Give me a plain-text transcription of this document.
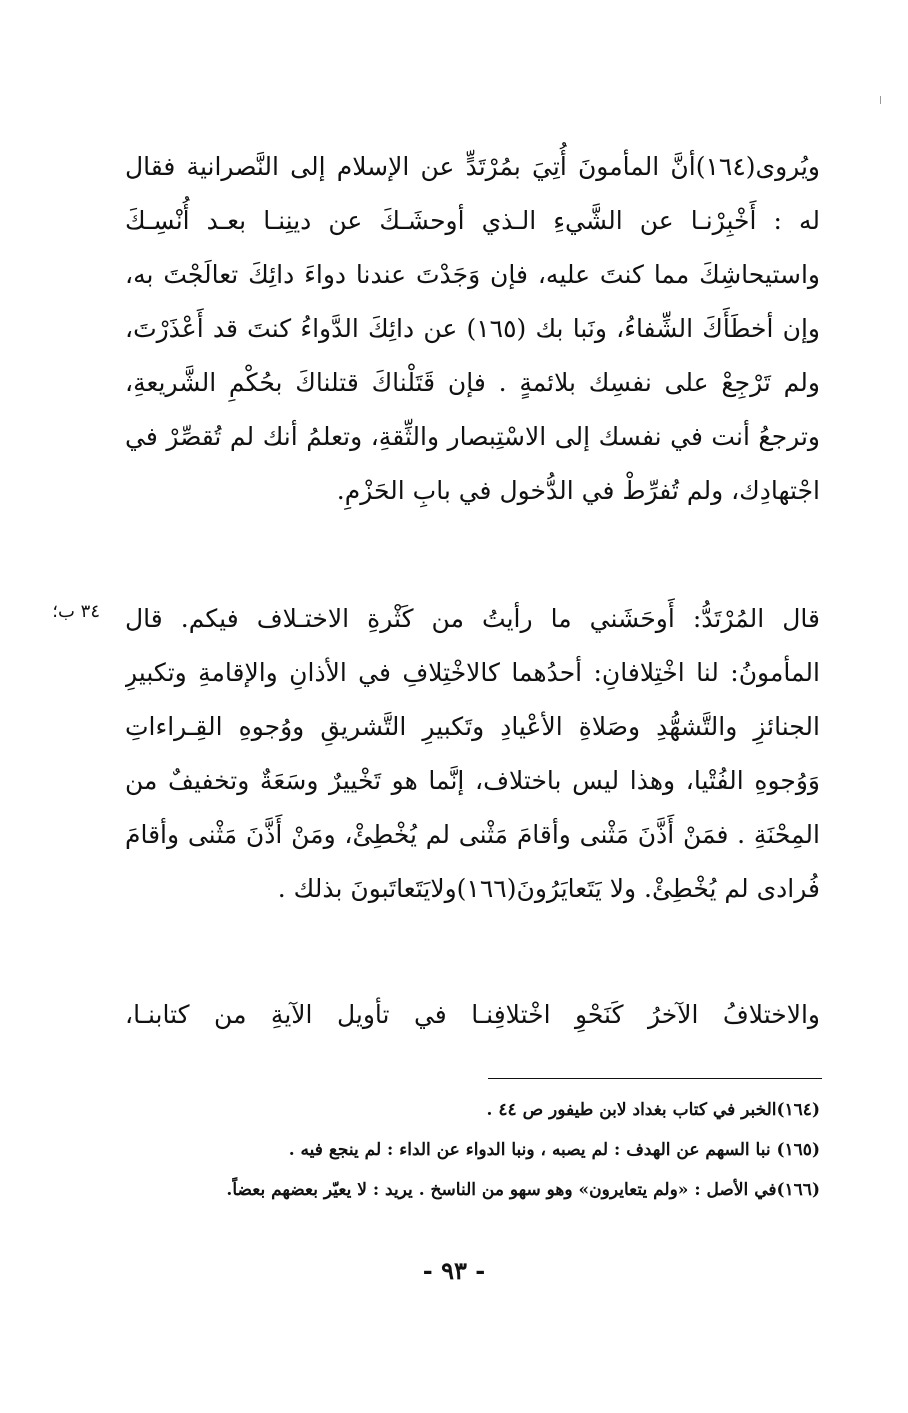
ويُروى(١٦٤)أنَّ المأمونَ أُتِيَ بمُرْتَدٍّ عن الإسلام إلى النَّصرانية فقال
له : أَخْبِرْنـا عن الشَّيءِ الـذي أوحشَـكَ عن دينِنـا بعـد أُنْسِـكَ
واستيحاشِكَ مما كنتَ عليه، فإن وَجَدْتَ عندنا دواءَ دائِكَ تعالَجْتَ به،
وإن أخطَأَكَ الشِّفاءُ، ونَبا بك (١٦٥) عن دائِكَ الدَّواءُ كنتَ قد أَعْذَرْتَ،
ولم تَرْجِعْ على نفسِك بلائمةٍ . فإن قَتَلْناكَ قتلناكَ بحُكْمِ الشَّريعةِ،
وترجعُ أنت في نفسك إلى الاسْتِبصار والثِّقةِ، وتعلمُ أنك لم تُقصِّرْ في
اجْتهادِك، ولم تُفرِّطْ في الدُّخول في بابِ الحَزْمِ.
٣٤ ب؛ قال المُرْتَدُّ: أَوحَشَني ما رأيتُ من كَثْرةِ الاختـلاف فيكم. قال
المأمونُ: لنا اخْتِلافانِ: أحدُهما كالاخْتِلافِ في الأذانِ والإقامةِ وتكبيرِ
الجنائزِ والتَّشهُّدِ وصَلاةِ الأعْيادِ وتَكبيرِ التَّشريقِ ووُجوهِ القِـراءاتِ
وَوُجوهِ الفُتْيا، وهذا ليس باختلاف، إنَّما هو تَخْييرٌ وسَعَةٌ وتخفيفٌ من
المِحْنَةِ . فمَنْ أَذَّنَ مَثْنى وأقامَ مَثْنى لم يُخْطِئْ، ومَنْ أَذَّنَ مَثْنى وأقامَ
فُرادى لم يُخْطِئْ. ولا يَتَعايَرُونَ(١٦٦)ولايَتَعاتَبونَ بذلك .
والاختلافُ الآخرُ كَنَحْوِ اخْتلافِنـا في تأويل الآيةِ من كتابنـا،
(١٦٤)الخبر في كتاب بغداد لابن طيفور ص ٤٤ .
(١٦٥) نبا السهم عن الهدف : لم يصبه ، ونبا الدواء عن الداء : لم ينجع فيه .
(١٦٦)في الأصل : «ولم يتعايرون» وهو سهو من الناسخ . يريد : لا يعيّر بعضهم بعضاً.
- ٩٣ -
